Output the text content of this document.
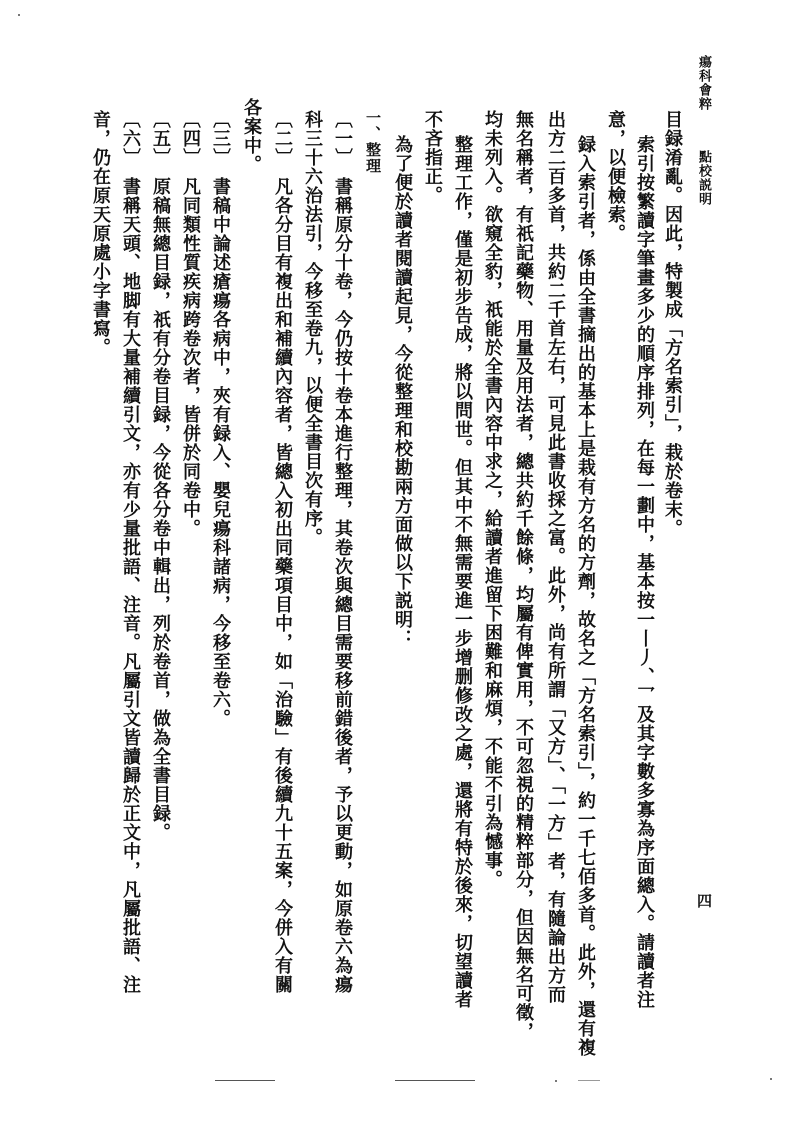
瘍科會粹
點校説明
四
目録淆亂。因此，特製成「方名索引」，栽於卷末。
索引按繁讀字筆畫多少的順序排列，在每一劃中，基本按一丨丿、乛及其字數多寡為序面總入。請讀者注
意，以便檢索。
録入索引者，係由全書摘出的基本上是栽有方名的方劑，故名之「方名索引」，約一千七佰多首。此外，還有複
出方二百多首，共約二千首左右，可見此書收採之富。此外，尚有所謂「又方」、「一方」者，有隨論出方而
無名稱者，有祇記藥物、用量及用法者，總共約千餘條，均屬有俾實用，不可忽視的精粹部分，但因無名可徵，
均未列入。欲窺全豹，祇能於全書內容中求之，給讀者進留下困難和麻煩，不能不引為憾事。
整理工作，僅是初步告成，將以問世。但其中不無需要進一步增删修改之處，還將有特於後來，切望讀者
不吝指正。
為了便於讀者閱讀起見，今從整理和校勘兩方面做以下説明：
一、整理
〔一〕　書稱原分十卷，今仍按十卷本進行整理，其卷次與總目需要移前錯後者，予以更動，如原卷六為瘍
科三十六治法引，今移至卷九，以便全書目次有序。
〔二〕　凡各分目有複出和補續內容者，皆總入初出同藥項目中，如「治驗」有後續九十五案，今併入有關
各案中。
〔三〕　書稿中論述瘡瘍各病中，夾有録入、嬰兒瘍科諸病，今移至卷六。
〔四〕　凡同類性質疾病跨卷次者，皆併於同卷中。
〔五〕　原稿無總目録，祇有分卷目録，今從各分卷中輯出，列於卷首，做為全書目録。
〔六〕　書稱天頭、地脚有大量補續引文，亦有少量批語、注音。凡屬引文皆讀歸於正文中，凡屬批語、注
音，仍在原天原處小字書寫。
